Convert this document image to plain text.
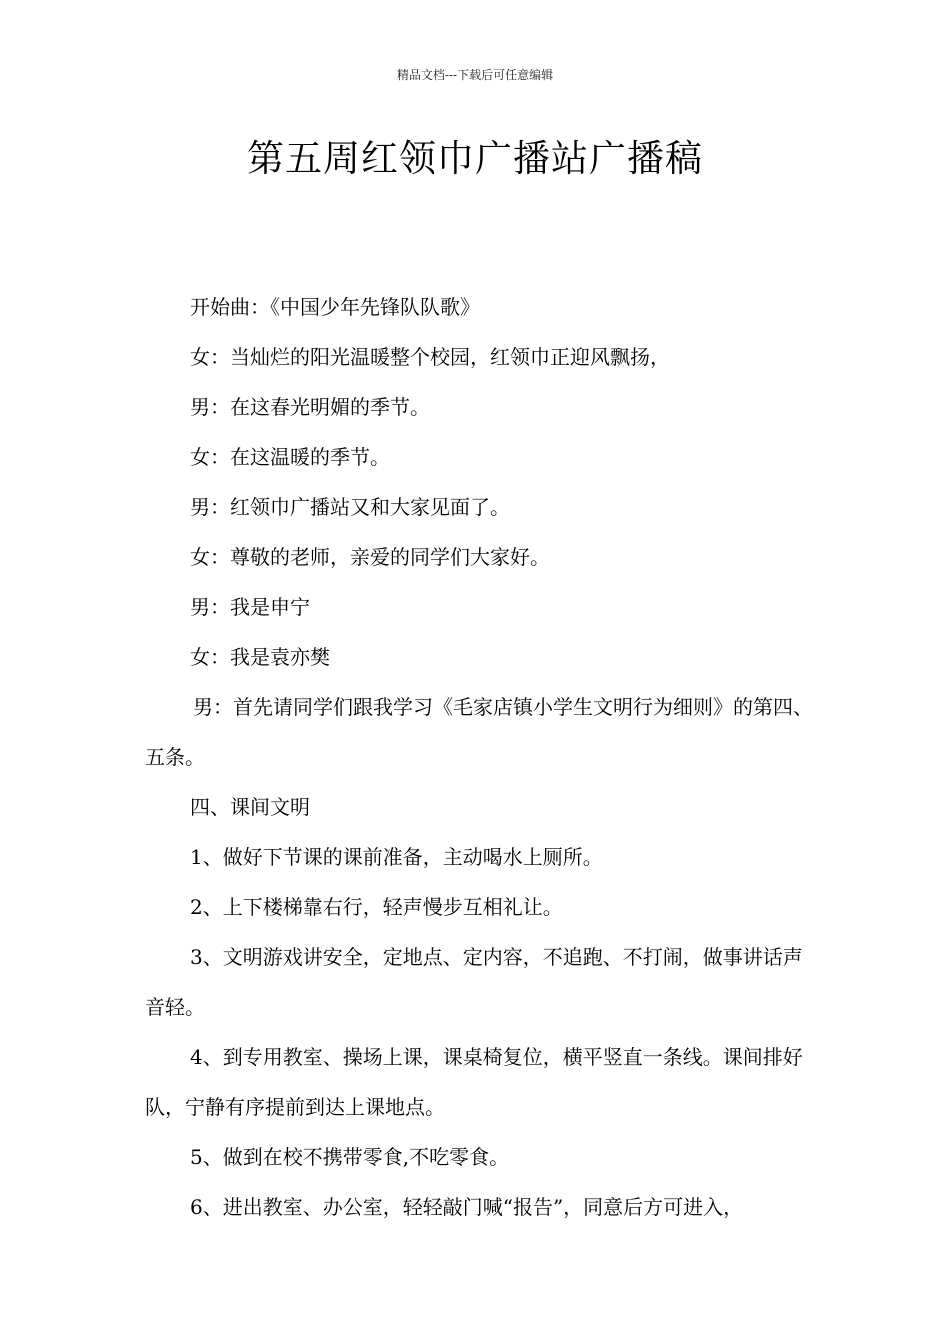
精品文档---下载后可任意编辑
第五周红领巾广播站广播稿

开始曲：《中国少年先锋队队歌》

女：当灿烂的阳光温暖整个校园，红领巾正迎风飘扬，

男：在这春光明媚的季节。

女：在这温暖的季节。

男：红领巾广播站又和大家见面了。

女：尊敬的老师，亲爱的同学们大家好。

男：我是申宁

女：我是袁亦樊

男：首先请同学们跟我学习《毛家店镇小学生文明行为细则》的第四、五条。

四、课间文明

1、做好下节课的课前准备，主动喝水上厕所。

2、上下楼梯靠右行，轻声慢步互相礼让。

3、文明游戏讲安全，定地点、定内容，不追跑、不打闹，做事讲话声音轻。

4、到专用教室、操场上课，课桌椅复位，横平竖直一条线。课间排好队，宁静有序提前到达上课地点。

5、做到在校不携带零食,不吃零食。

6、进出教室、办公室，轻轻敲门喊“报告”，同意后方可进入，
